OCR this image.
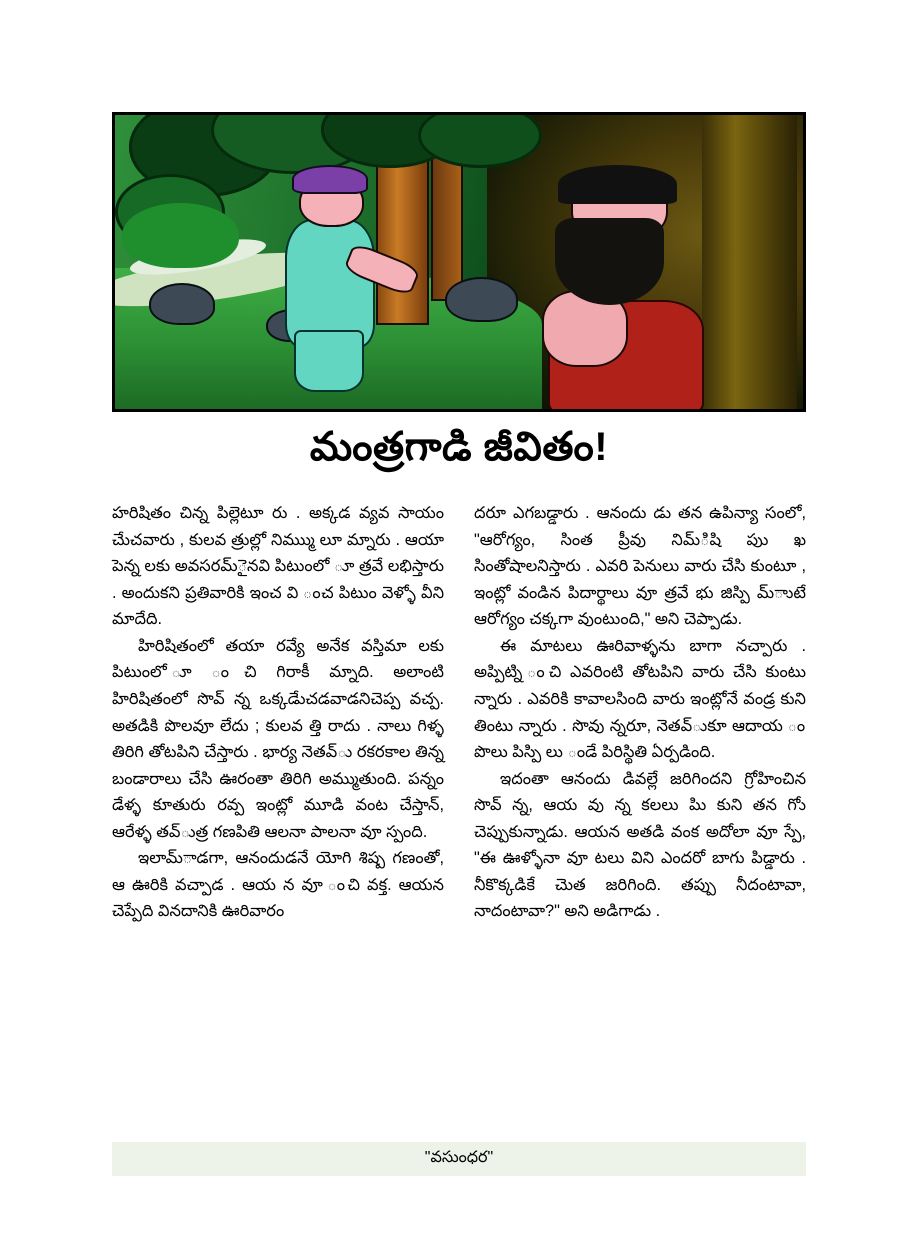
మంత్రగాడి జీవితం!

హరిషితం చిన్న పిల్లెటూ రు . అక్కడ వ్యవ సాయం చేుచవారు , కులవ త్రుల్లో నిమ్ముు లూ మ్నారు . ఆయా పెన్న లకు అవసరమ్ైనవి పిటుంలో ూ త్రవే లభిస్తారు . అందుకని ప్రతివారికి ఇంచ వి ంచ పిటుం వెళ్ళో వీని మాదేది.

హిరిషితంలో తయా రవ్యే అనేక వస్తిమా లకు పిటుంలో ూ ంచి గిరాకీ మ్నాది. అలాంటి హిరిషితంలో సొవ్ న్న ఒక్కడేుచడవాడనిచెప్ప వచ్ప. అతడికి పొలవూ లేదు ; కులవ త్తి రాదు . నాలు గిళ్ళ తిరిగి తోటపిని చేస్తారు . భార్య నెతవ్ు రకరకాల తిన్న బండారాలు చేసి ఊరంతా తిరిగి అమ్ముతుంది. పన్నం డేళ్ళ కూతురు రవ్ప ఇంట్లో మూడి వంట చేస్తాన్, ఆరేళ్ళ తవ్ుత్ర గణపితి ఆలనా పాలనా వూ స్పంది.

ఇలామ్ాడగా, ఆనందుడనే యోగి శిష్ప గణంతో, ఆ ఊరికి వచ్పాడ . ఆయ న వూ ంచి వక్త. ఆయన చెప్పేది వినదానికి ఊరివారం

దరూ ఎగబడ్డారు . ఆనందు డు తన ఉపిన్యా సంలో, "ఆరోగ్యం, సింత ప్రీవు నిమ్ిషి పుు ఖ సింతోషాలనిస్తారు . ఎవరి పెనులు వారు చేసి కుంటూ , ఇంట్లో వండిన పిదార్థాలు వూ త్రవే భు జిస్పి మ్ాుటే ఆరోగ్యం చక్కగా వుంటుంది," అని చెప్పాడు.

ఈ మాటలు ఊరివాళ్ళను బాగా నచ్పారు . అప్పిట్ని ంచి ఎవరింటి తోటపిని వారు చేసి కుంటు న్నారు . ఎవరికి కావాలసింది వారు ఇంట్లోనే వండ్ర కుని తింటు న్నారు . సొవు న్నరూ, నెతవ్ుకూ ఆదాయ ం పొలు పిస్పి లు ండే పిరిస్థితి ఏర్పడింది.

ఇదంతా ఆనందు డివల్లే జరిగిందని గ్రోహించిన సొవ్ న్న, ఆయ వు న్న కలలు పిు కుని తన గోు చెప్పుకున్నాడు. ఆయన అతడి వంక అదోలా వూ స్పే, "ఈ ఊళ్ళోనా వూ టలు విని ఎందరో బాగు పిడ్డారు . నీకొక్కడికే చెుత జరిగింది. తప్పు నీదంటావా, నాదంటావా?" అని అడిగాడు .

"వసుంధర"
